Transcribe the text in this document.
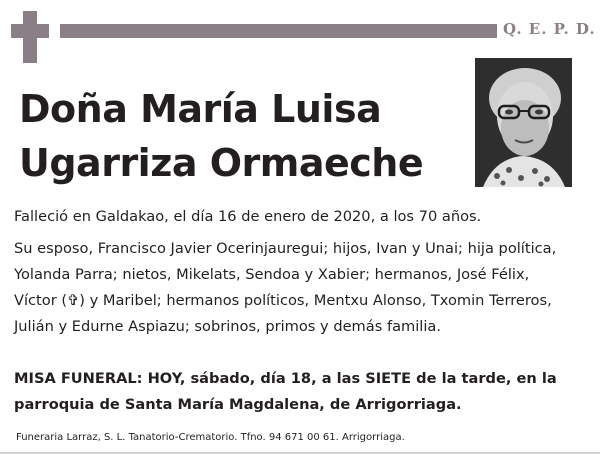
Q. E. P. D.
Doña María Luisa Ugarriza Ormaeche
Falleció en Galdakao, el día 16 de enero de 2020, a los 70 años.
Su esposo, Francisco Javier Ocerinjauregui; hijos, Ivan y Unai; hija política, Yolanda Parra; nietos, Mikelats, Sendoa y Xabier; hermanos, José Félix, Víctor (✞) y Maribel; hermanos políticos, Mentxu Alonso, Txomin Terreros, Julián y Edurne Aspiazu; sobrinos, primos y demás familia.
MISA FUNERAL: HOY, sábado, día 18, a las SIETE de la tarde, en la parroquia de Santa María Magdalena, de Arrigorriaga.
Funeraria Larraz, S. L. Tanatorio-Crematorio. Tfno. 94 671 00 61. Arrigorriaga.
